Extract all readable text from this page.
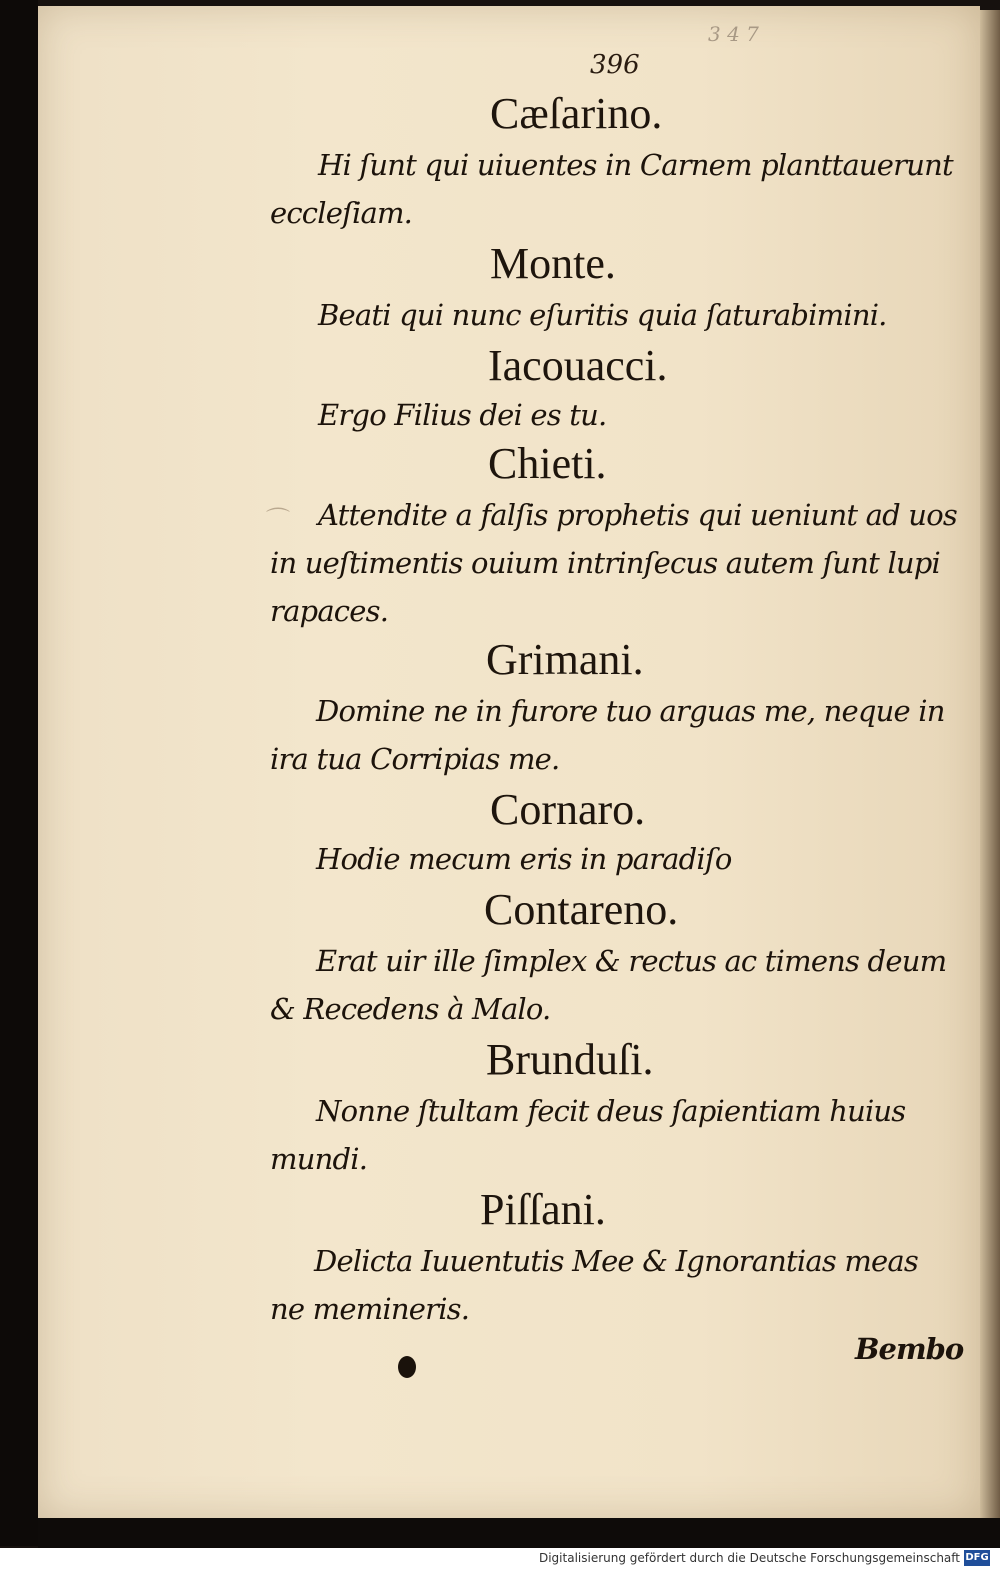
3 4 7
396
⌒
Cæſarino.
Hi ſunt qui uiuentes in Carnem planttauerunt
eccleſiam.
Monte.
Beati qui nunc eſuritis quia ſaturabimini.
Iacouacci.
Ergo Filius dei es tu.
Chieti.
Attendite a falſis prophetis qui ueniunt ad uos
in ueſtimentis ouium intrinſecus autem ſunt lupi
rapaces.
Grimani.
Domine ne in furore tuo arguas me, neque in
ira tua Corripias me.
Cornaro.
Hodie mecum eris in paradiſo
Contareno.
Erat uir ille ſimplex & rectus ac timens deum
& Recedens à Malo.
Brunduſi.
Nonne ſtultam fecit deus ſapientiam huius
mundi.
Piſſani.
Delicta Iuuentutis Mee & Ignorantias meas
ne memineris.
Bembo
Digitalisierung gefördert durch die Deutsche Forschungsgemeinschaft DFG
